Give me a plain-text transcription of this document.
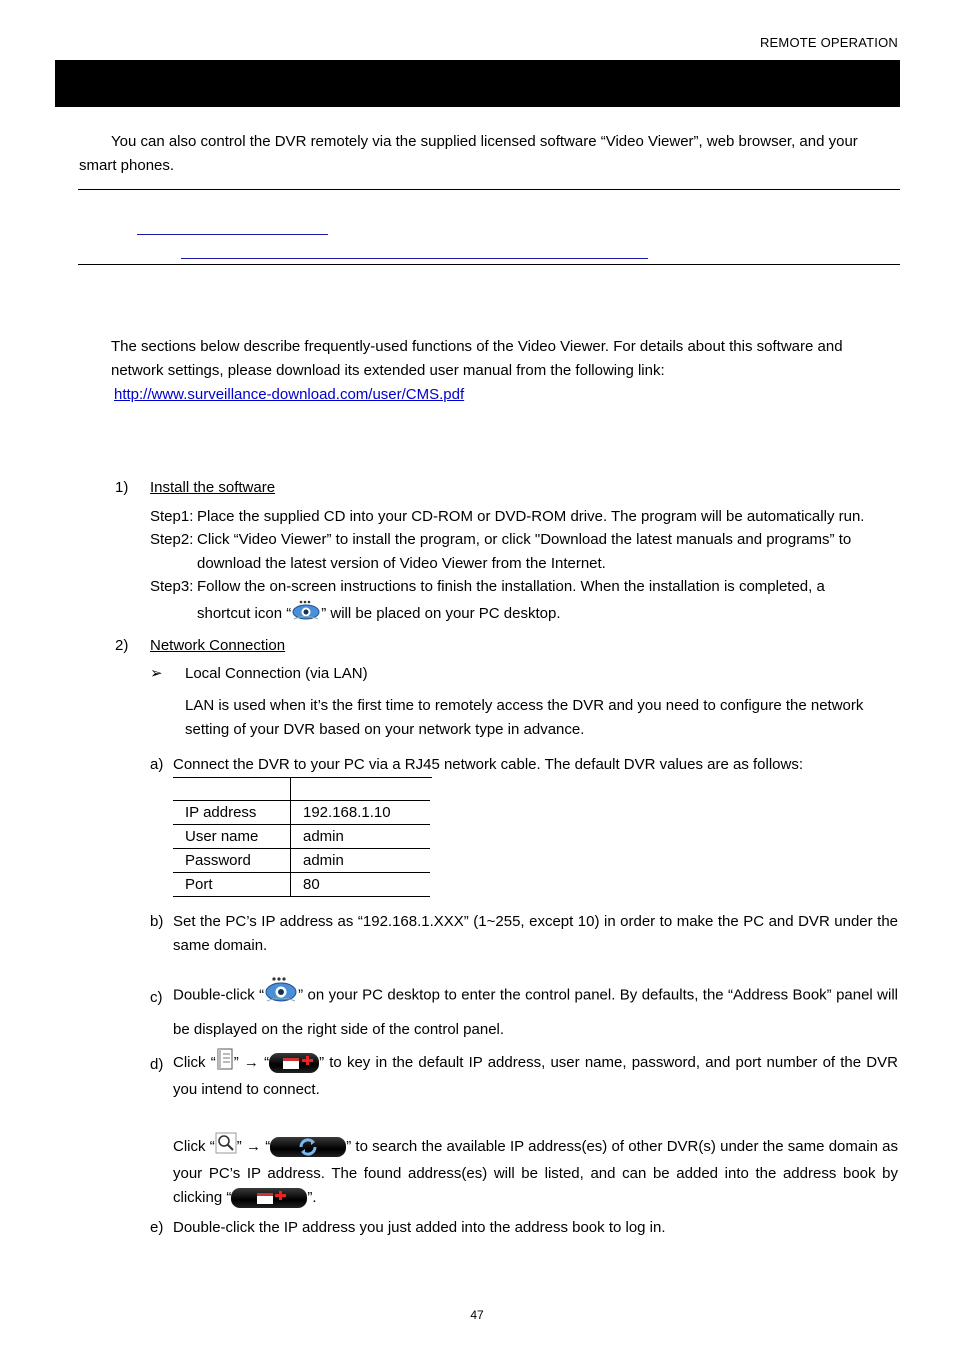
REMOTE OPERATION
You can also control the DVR remotely via the supplied licensed software “Video Viewer”, web browser, and your smart phones.
The sections below describe frequently-used functions of the Video Viewer. For details about this software and network settings, please download its extended user manual from the following link:
http://www.surveillance-download.com/user/CMS.pdf
1) Install the software
Step1: Place the supplied CD into your CD-ROM or DVD-ROM drive. The program will be automatically run.
Step2: Click “Video Viewer” to install the program, or click "Download the latest manuals and programs” to download the latest version of Video Viewer from the Internet.
Step3: Follow the on-screen instructions to finish the installation. When the installation is completed, a shortcut icon “ ” will be placed on your PC desktop.
2) Network Connection
➢ Local Connection (via LAN)
LAN is used when it’s the first time to remotely access the DVR and you need to configure the network setting of your DVR based on your network type in advance.
a) Connect the DVR to your PC via a RJ45 network cable. The default DVR values are as follows:

IP address	192.168.1.10
User name	admin
Password	admin
Port	80
b) Set the PC’s IP address as “192.168.1.XXX” (1~255, except 10) in order to make the PC and DVR under the same domain.
c) Double-click “ ” on your PC desktop to enter the control panel. By defaults, the “Address Book” panel will be displayed on the right side of the control panel.
d) Click “ ” → “	” to key in the default IP address, user name, password, and port number of the DVR you intend to connect.
Click “ ” → “	” to search the available IP address(es) of other DVR(s) under the same domain as your PC’s IP address. The found address(es) will be listed, and can be added into the address book by clicking “	”.
e) Double-click the IP address you just added into the address book to log in.
47
